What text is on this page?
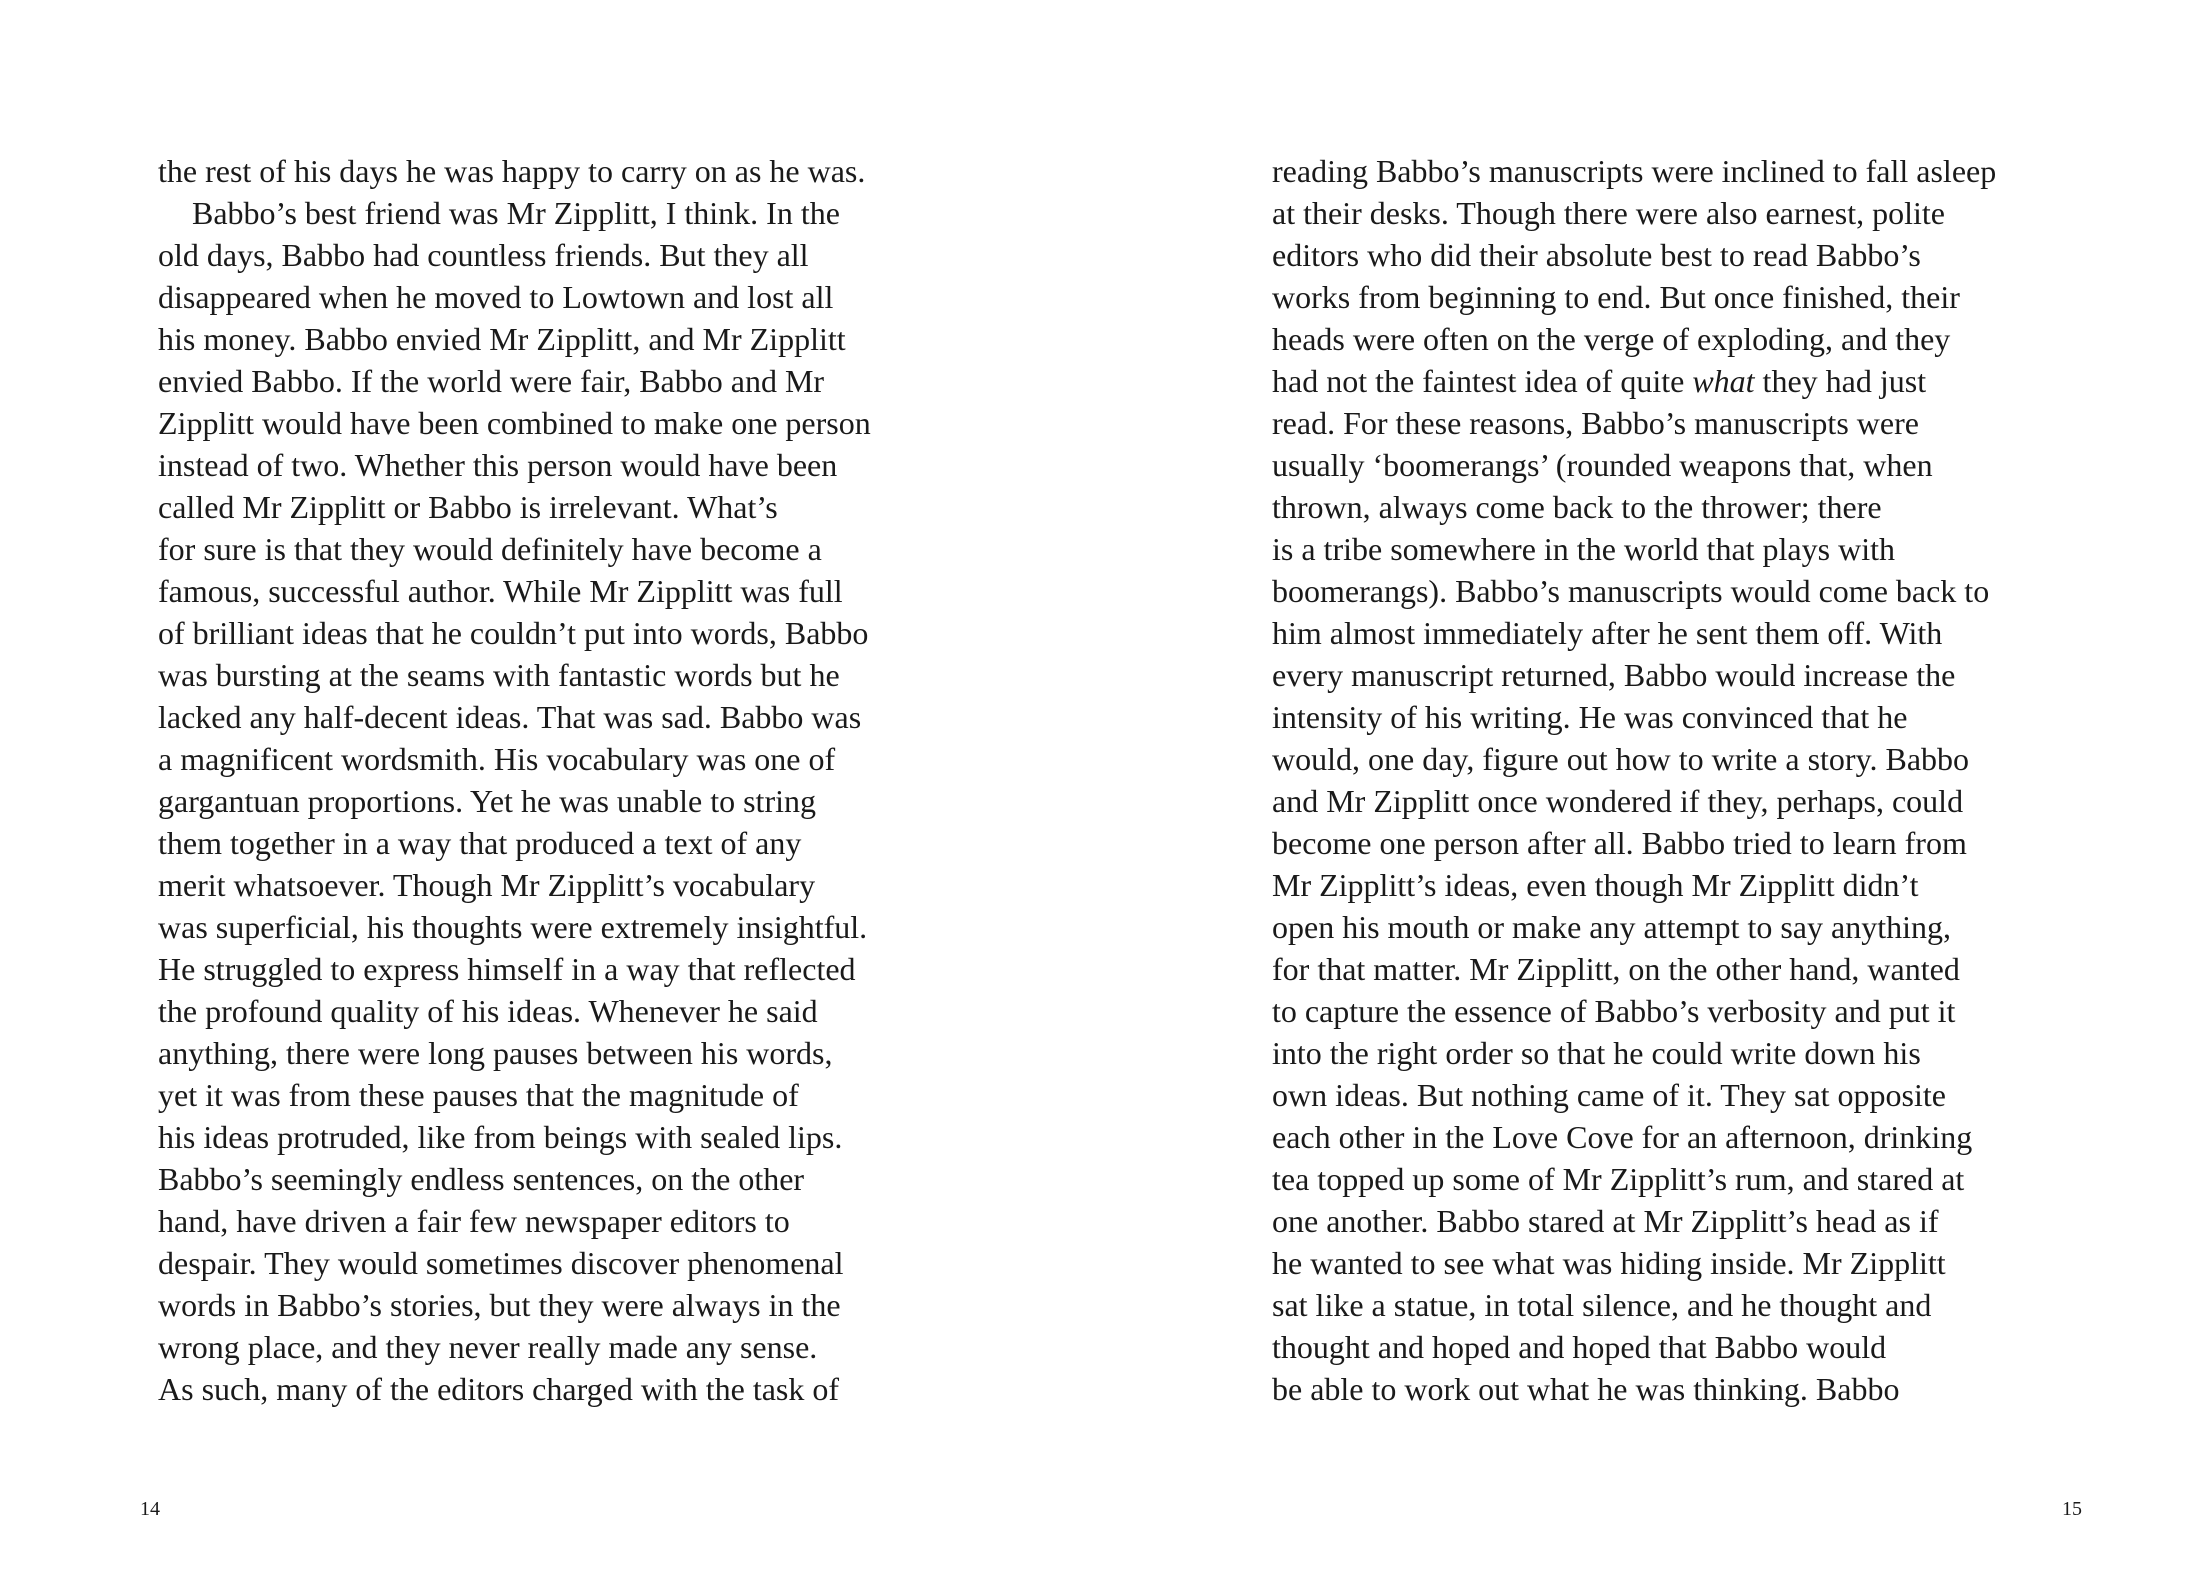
the rest of his days he was happy to carry on as he was.
Babbo’s best friend was Mr Zipplitt, I think. In the
old days, Babbo had countless friends. But they all
disappeared when he moved to Lowtown and lost all
his money. Babbo envied Mr Zipplitt, and Mr Zipplitt
envied Babbo. If the world were fair, Babbo and Mr
Zipplitt would have been combined to make one person
instead of two. Whether this person would have been
called Mr Zipplitt or Babbo is irrelevant. What’s
for sure is that they would definitely have become a
famous, successful author. While Mr Zipplitt was full
of brilliant ideas that he couldn’t put into words, Babbo
was bursting at the seams with fantastic words but he
lacked any half-decent ideas. That was sad. Babbo was
a magnificent wordsmith. His vocabulary was one of
gargantuan proportions. Yet he was unable to string
them together in a way that produced a text of any
merit whatsoever. Though Mr Zipplitt’s vocabulary
was superficial, his thoughts were extremely insightful.
He struggled to express himself in a way that reflected
the profound quality of his ideas. Whenever he said
anything, there were long pauses between his words,
yet it was from these pauses that the magnitude of
his ideas protruded, like from beings with sealed lips.
Babbo’s seemingly endless sentences, on the other
hand, have driven a fair few newspaper editors to
despair. They would sometimes discover phenomenal
words in Babbo’s stories, but they were always in the
wrong place, and they never really made any sense.
As such, many of the editors charged with the task of
14
reading Babbo’s manuscripts were inclined to fall asleep
at their desks. Though there were also earnest, polite
editors who did their absolute best to read Babbo’s
works from beginning to end. But once finished, their
heads were often on the verge of exploding, and they
had not the faintest idea of quite what they had just
read. For these reasons, Babbo’s manuscripts were
usually ‘boomerangs’ (rounded weapons that, when
thrown, always come back to the thrower; there
is a tribe somewhere in the world that plays with
boomerangs). Babbo’s manuscripts would come back to
him almost immediately after he sent them off. With
every manuscript returned, Babbo would increase the
intensity of his writing. He was convinced that he
would, one day, figure out how to write a story. Babbo
and Mr Zipplitt once wondered if they, perhaps, could
become one person after all. Babbo tried to learn from
Mr Zipplitt’s ideas, even though Mr Zipplitt didn’t
open his mouth or make any attempt to say anything,
for that matter. Mr Zipplitt, on the other hand, wanted
to capture the essence of Babbo’s verbosity and put it
into the right order so that he could write down his
own ideas. But nothing came of it. They sat opposite
each other in the Love Cove for an afternoon, drinking
tea topped up some of Mr Zipplitt’s rum, and stared at
one another. Babbo stared at Mr Zipplitt’s head as if
he wanted to see what was hiding inside. Mr Zipplitt
sat like a statue, in total silence, and he thought and
thought and hoped and hoped that Babbo would
be able to work out what he was thinking. Babbo
15
